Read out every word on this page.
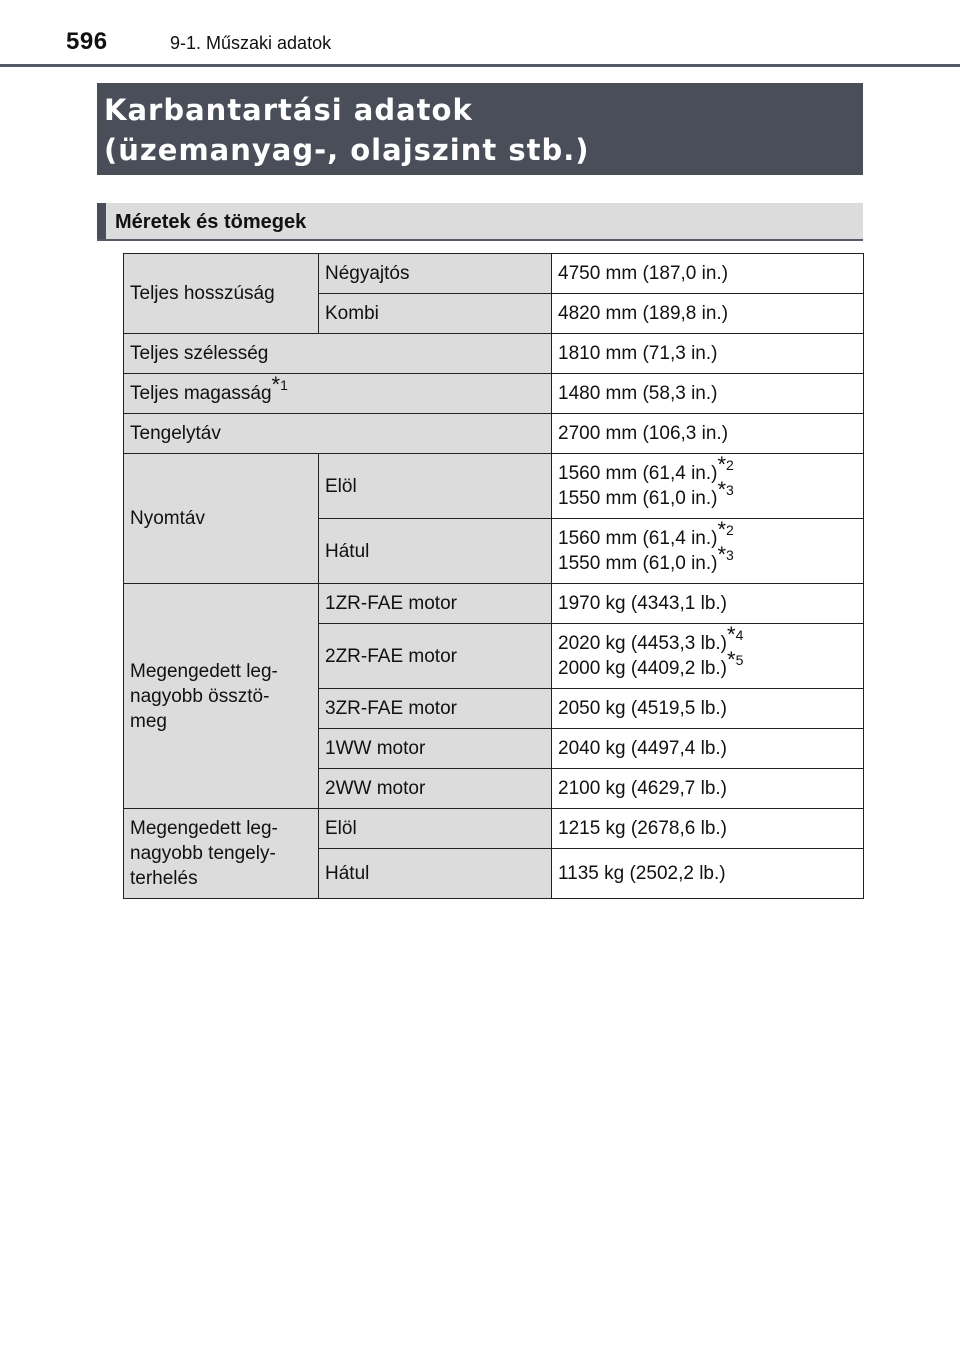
596	9-1. Műszaki adatok
Karbantartási adatok
(üzemanyag-, olajszint stb.)
Méretek és tömegek
Teljes hosszúság	Négyajtós	4750 mm (187,0 in.)
	Kombi	4820 mm (189,8 in.)
Teljes szélesség		1810 mm (71,3 in.)
Teljes magasság$^{*1}$		1480 mm (58,3 in.)
Tengelytáv		2700 mm (106,3 in.)
Nyomtáv	Elöl	1560 mm (61,4 in.)$^{*2}$
1550 mm (61,0 in.)$^{*3}$

	Hátul	1560 mm (61,4 in.)$^{*2}$
1550 mm (61,0 in.)$^{*3}$

Megengedett leg-
nagyobb össztö-
meg	1ZR-FAE motor	1970 kg (4343,1 lb.)
	2ZR-FAE motor	2020 kg (4453,3 lb.)$^{*4}$
2000 kg (4409,2 lb.)$^{*5}$

	3ZR-FAE motor	2050 kg (4519,5 lb.)
	1WW motor	2040 kg (4497,4 lb.)
	2WW motor	2100 kg (4629,7 lb.)

Megengedett leg-
nagyobb tengely-
terhelés	Elöl	1215 kg (2678,6 lb.)
	Hátul	1135 kg (2502,2 lb.)
